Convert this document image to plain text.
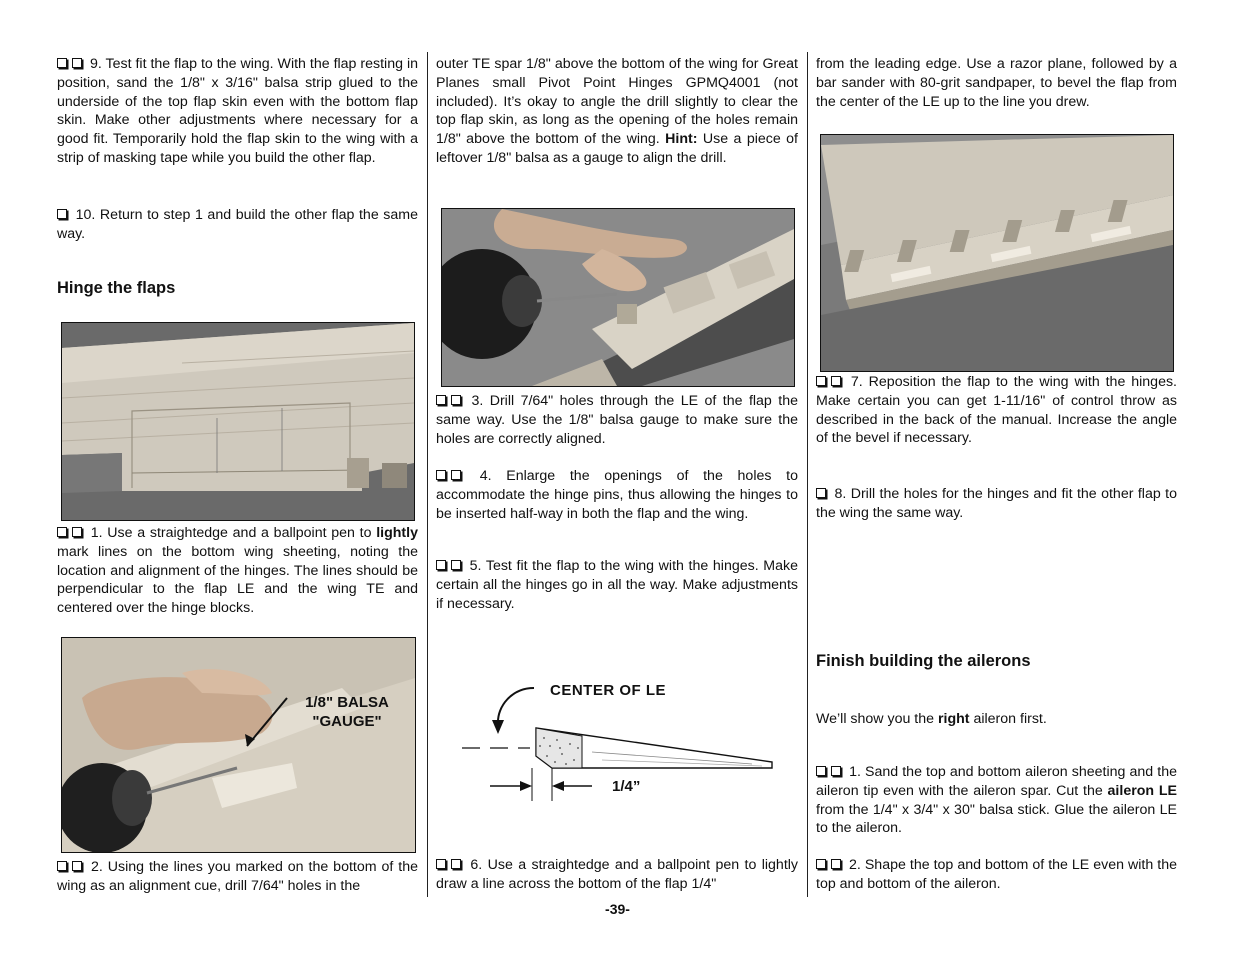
9. Test fit the flap to the wing. With the flap resting in position, sand the 1/8" x 3/16" balsa strip glued to the underside of the top flap skin even with the bottom flap skin. Make other adjustments where necessary for a good fit. Temporarily hold the flap skin to the wing with a strip of masking tape while you build the other flap.

10. Return to step 1 and build the other flap the same way.

Hinge the flaps

1. Use a straightedge and a ballpoint pen to lightly mark lines on the bottom wing sheeting, noting the location and alignment of the hinges. The lines should be perpendicular to the flap LE and the wing TE and centered over the hinge blocks.

2. Using the lines you marked on the bottom of the wing as an alignment cue, drill 7/64" holes in the

1/8" BALSA
"GAUGE"

outer TE spar 1/8" above the bottom of the wing for Great Planes small Pivot Point Hinges GPMQ4001 (not included). It’s okay to angle the drill slightly to clear the top flap skin, as long as the opening of the holes remain 1/8" above the bottom of the wing. Hint: Use a piece of leftover 1/8" balsa as a gauge to align the drill.

3. Drill 7/64" holes through the LE of the flap the same way. Use the 1/8" balsa gauge to make sure the holes are correctly aligned.

4. Enlarge the openings of the holes to accommodate the hinge pins, thus allowing the hinges to be inserted half-way in both the flap and the wing.

5. Test fit the flap to the wing with the hinges. Make certain all the hinges go in all the way. Make adjustments if necessary.

6. Use a straightedge and a ballpoint pen to lightly draw a line across the bottom of the flap 1/4"

CENTER OF LE
1/4”

from the leading edge. Use a razor plane, followed by a bar sander with 80-grit sandpaper, to bevel the flap from the center of the LE up to the line you drew.

7. Reposition the flap to the wing with the hinges. Make certain you can get 1-11/16" of control throw as described in the back of the manual. Increase the angle of the bevel if necessary.

8. Drill the holes for the hinges and fit the other flap to the wing the same way.

Finish building the ailerons

We’ll show you the right aileron first.

1. Sand the top and bottom aileron sheeting and the aileron tip even with the aileron spar. Cut the aileron LE from the 1/4" x 3/4" x 30" balsa stick. Glue the aileron LE to the aileron.

2. Shape the top and bottom of the LE even with the top and bottom of the aileron.

-39-
